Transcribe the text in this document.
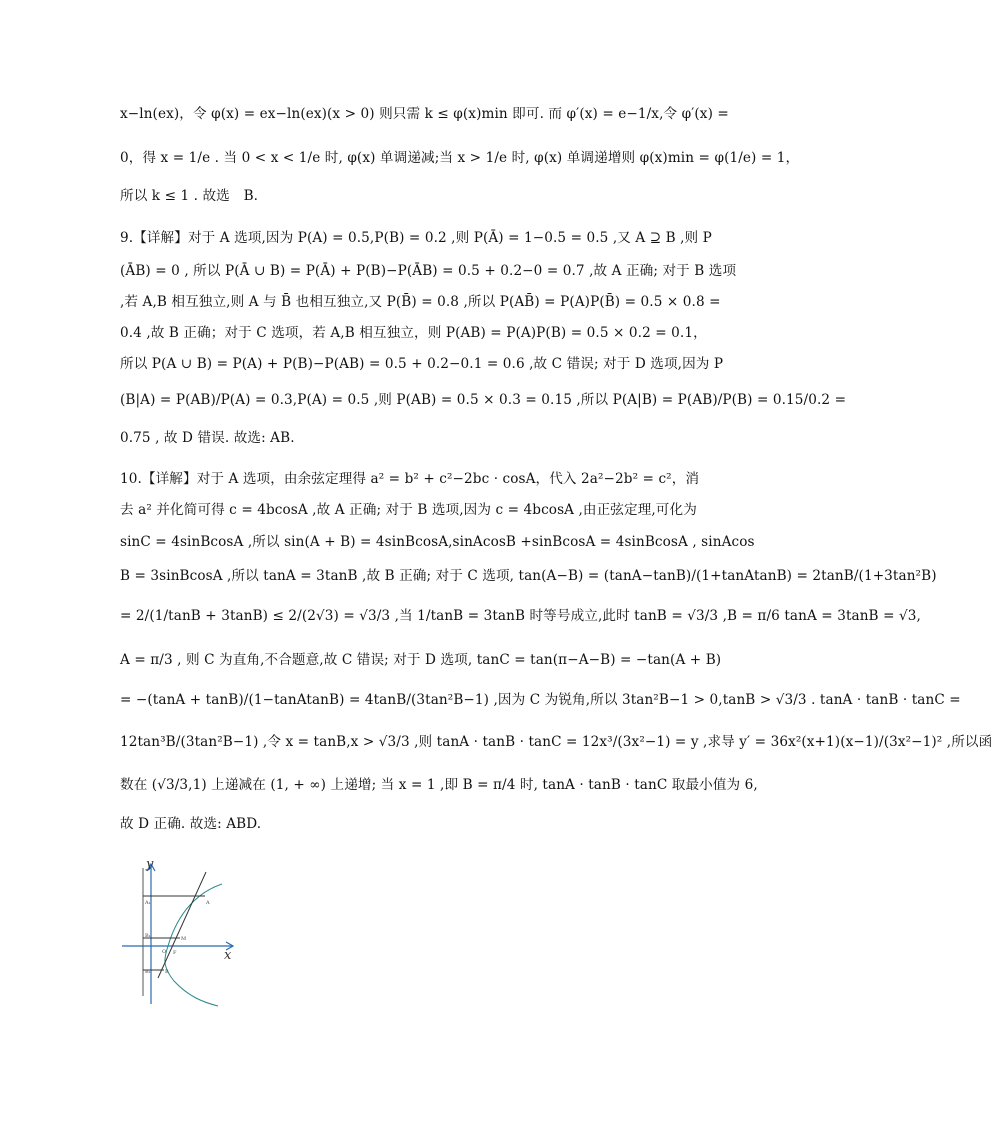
x−ln(ex)，令 φ(x) = ex−ln(ex)(x > 0) 则只需 k ≤ φ(x)min 即可. 而 φ′(x) = e−1/x,令 φ′(x) =
0，得 x = 1/e . 当 0 < x < 1/e 时, φ(x) 单调递减;当 x > 1/e 时, φ(x) 单调递增则 φ(x)min = φ(1/e) = 1，
所以 k ≤ 1 . 故选　B.
9.【详解】对于 A 选项,因为 P(A) = 0.5,P(B) = 0.2 ,则 P(Ā) = 1−0.5 = 0.5 ,又 A ⊇ B ,则 P
(ĀB) = 0 , 所以 P(Ā ∪ B) = P(Ā) + P(B)−P(ĀB) = 0.5 + 0.2−0 = 0.7 ,故 A 正确; 对于 B 选项
,若 A,B 相互独立,则 A 与 B̄ 也相互独立,又 P(B̄) = 0.8 ,所以 P(AB̄) = P(A)P(B̄) = 0.5 × 0.8 =
0.4 ,故 B 正确；对于 C 选项，若 A,B 相互独立，则 P(AB) = P(A)P(B) = 0.5 × 0.2 = 0.1，
所以 P(A ∪ B) = P(A) + P(B)−P(AB) = 0.5 + 0.2−0.1 = 0.6 ,故 C 错误; 对于 D 选项,因为 P
(B|A) = P(AB)/P(A) = 0.3,P(A) = 0.5 ,则 P(AB) = 0.5 × 0.3 = 0.15 ,所以 P(A|B) = P(AB)/P(B) = 0.15/0.2 =
0.75 , 故 D 错误. 故选: AB.
10.【详解】对于 A 选项，由余弦定理得 a² = b² + c²−2bc · cosA，代入 2a²−2b² = c²，消
去 a² 并化简可得 c = 4bcosA ,故 A 正确; 对于 B 选项,因为 c = 4bcosA ,由正弦定理,可化为
sinC = 4sinBcosA ,所以 sin(A + B) = 4sinBcosA,sinAcosB +sinBcosA = 4sinBcosA , sinAcos
B = 3sinBcosA ,所以 tanA = 3tanB ,故 B 正确; 对于 C 选项, tan(A−B) = (tanA−tanB)/(1+tanAtanB) = 2tanB/(1+3tan²B)
= 2/(1/tanB + 3tanB) ≤ 2/(2√3) = √3/3 ,当 1/tanB = 3tanB 时等号成立,此时 tanB = √3/3 ,B = π/6 tanA = 3tanB = √3,
A = π/3 , 则 C 为直角,不合题意,故 C 错误; 对于 D 选项, tanC = tan(π−A−B) = −tan(A + B)
= −(tanA + tanB)/(1−tanAtanB) = 4tanB/(3tan²B−1) ,因为 C 为锐角,所以 3tan²B−1 > 0,tanB > √3/3 . tanA · tanB · tanC =
12tan³B/(3tan²B−1) ,令 x = tanB,x > √3/3 ,则 tanA · tanB · tanC = 12x³/(3x²−1) = y ,求导 y′ = 36x²(x+1)(x−1)/(3x²−1)² ,所以函
数在 (√3/3,1) 上递减在 (1, + ∞) 上递增; 当 x = 1 ,即 B = π/4 时, tanA · tanB · tanC 取最小值为 6,
故 D 正确. 故选: ABD.
y
x
A₁	A
B₁	M
O F
B₁	B
